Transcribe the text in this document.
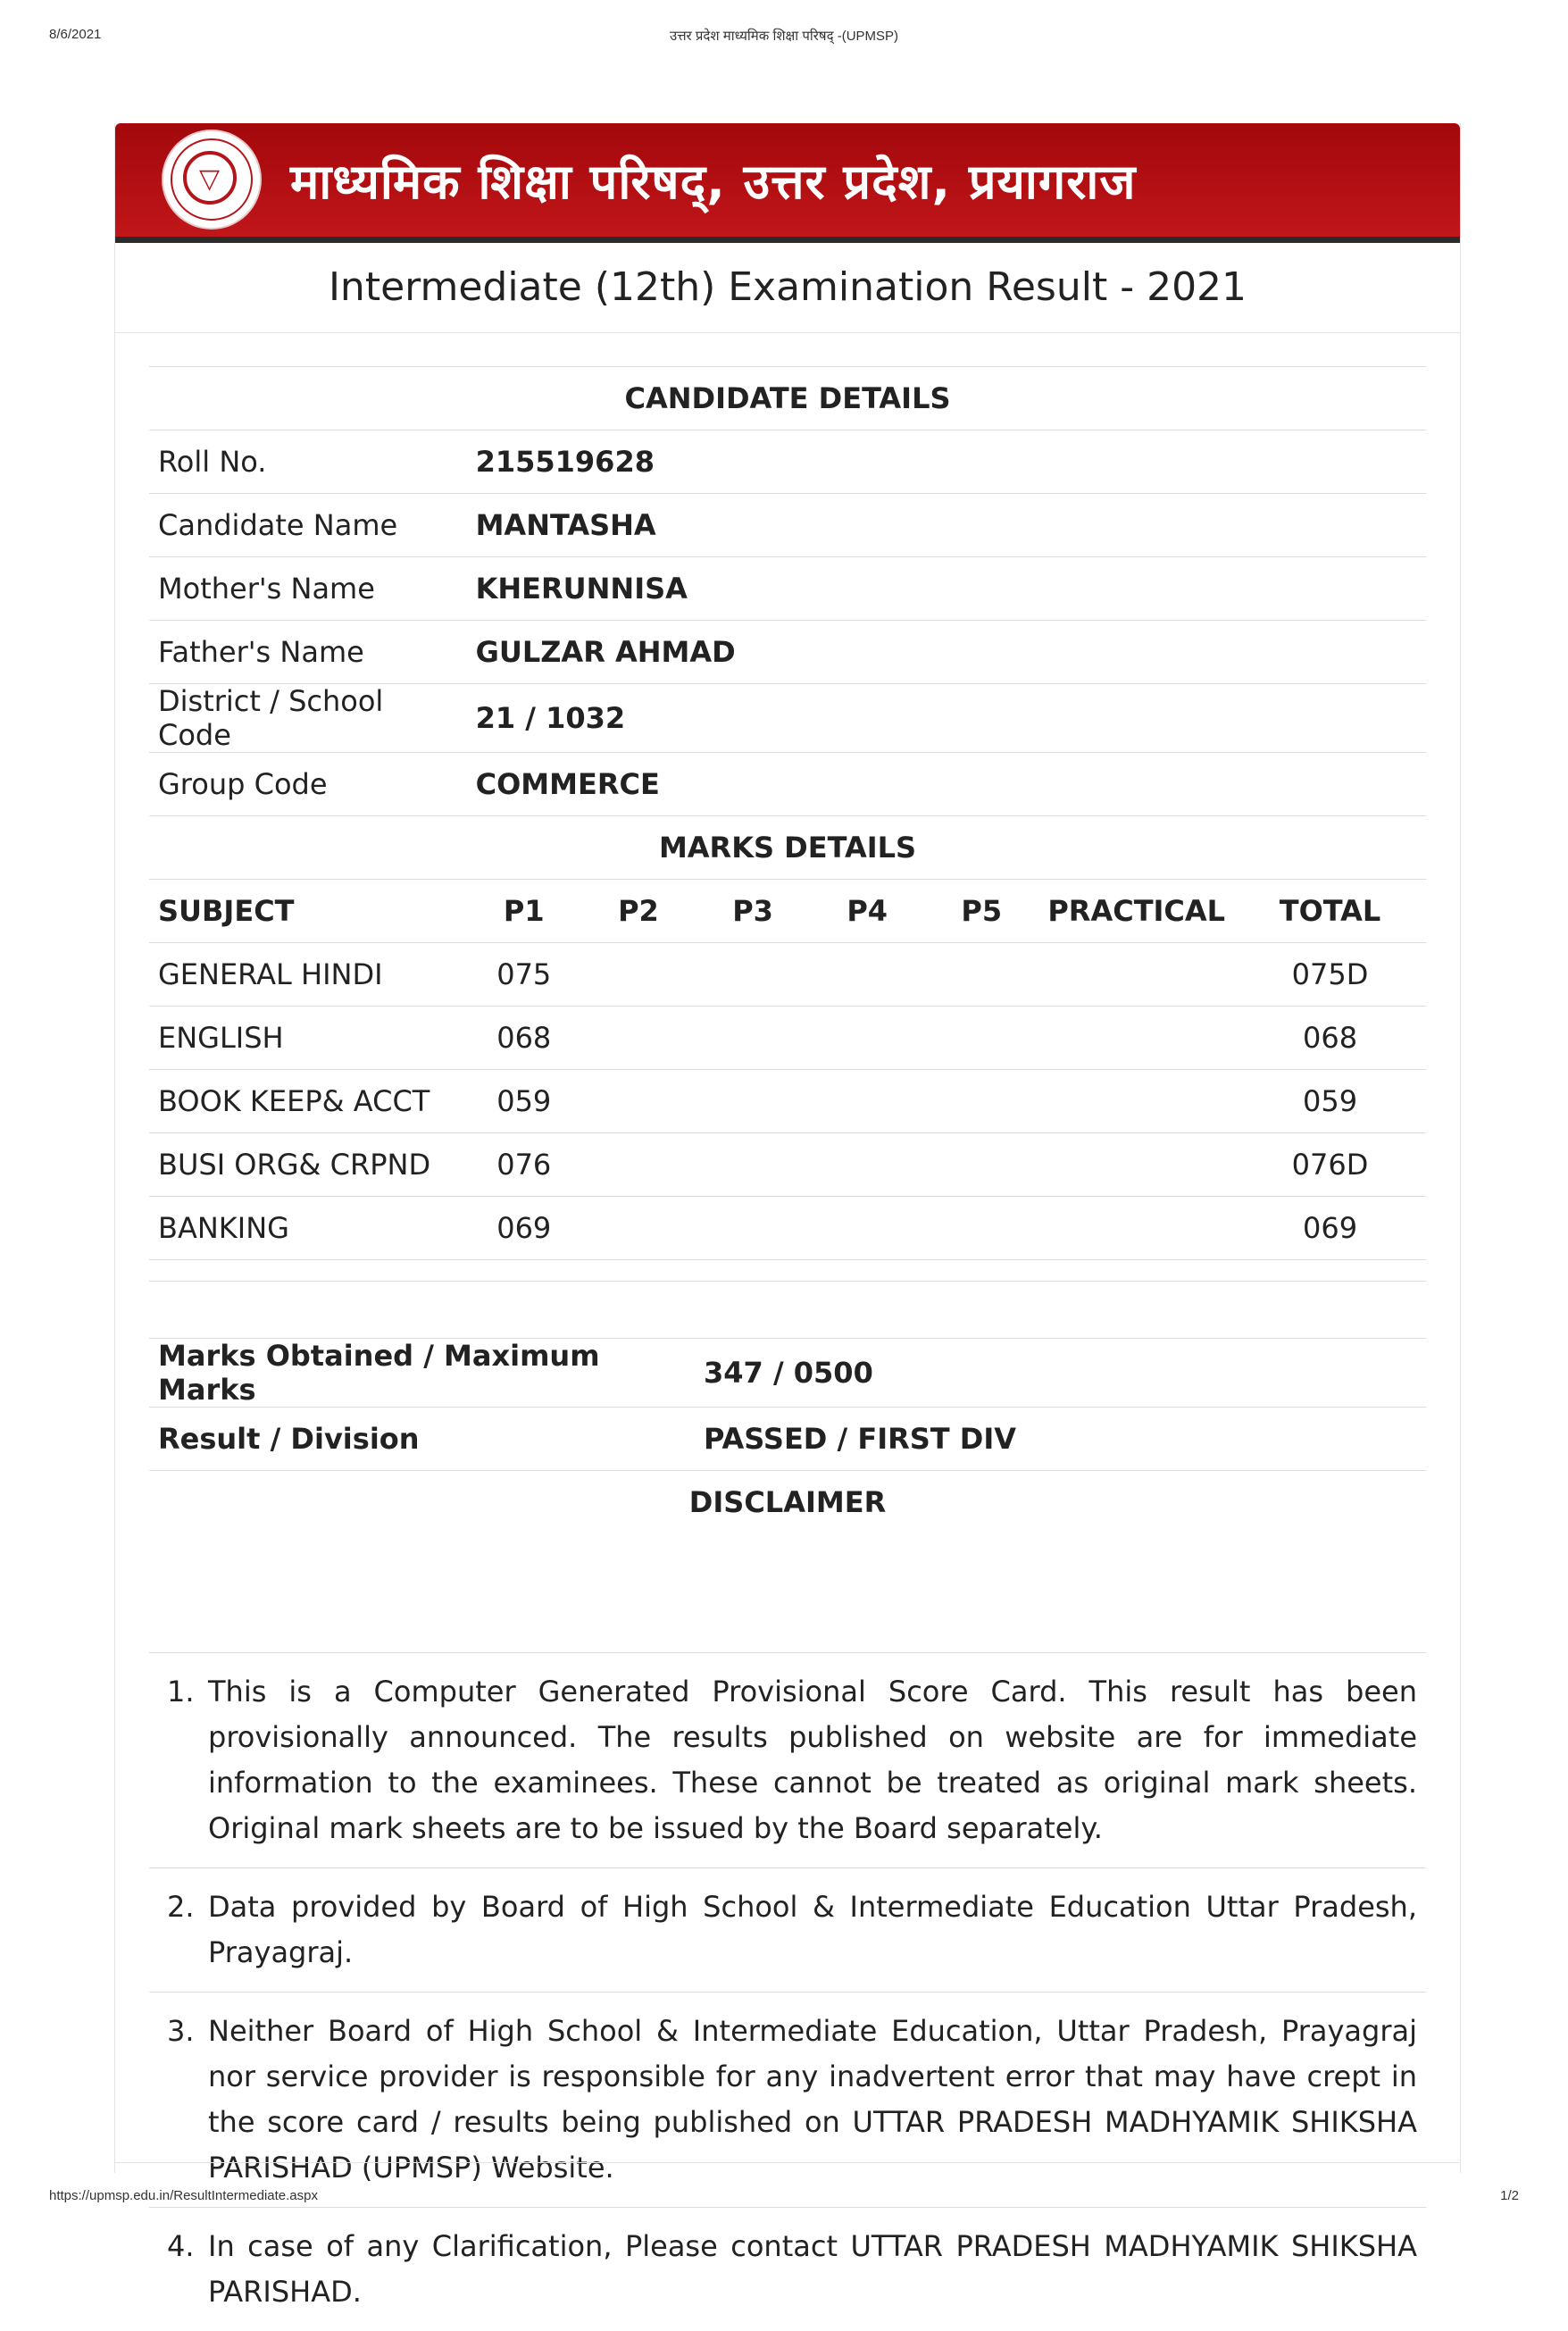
8/6/2021	उत्तर प्रदेश माध्यमिक शिक्षा परिषद् -(UPMSP)
▽ माध्यमिक शिक्षा परिषद्, उत्तर प्रदेश, प्रयागराज
Intermediate (12th) Examination Result - 2021
CANDIDATE DETAILS							
Roll No.	215519628						
Candidate Name	MANTASHA						
Mother's Name	KHERUNNISA						
Father's Name	GULZAR AHMAD						
District / School Code	21 / 1032						
Group Code	COMMERCE						
MARKS DETAILS							
SUBJECT	P1	P2	P3	P4	P5	PRACTICAL	TOTAL
GENERAL HINDI	075						075D
ENGLISH	068						068
BOOK KEEP& ACCT	059						059
BUSI ORG& CRPND	076						076D
BANKING	069						069
Marks Obtained / Maximum Marks	347 / 0500
Result / Division	PASSED / FIRST DIV
DISCLAIMER	
1. This is a Computer Generated Provisional Score Card. This result has been provisionally announced. The results published on website are for immediate information to the examinees. These cannot be treated as original mark sheets. Original mark sheets are to be issued by the Board separately.
2. Data provided by Board of High School & Intermediate Education Uttar Pradesh, Prayagraj.
3. Neither Board of High School & Intermediate Education, Uttar Pradesh, Prayagraj nor service provider is responsible for any inadvertent error that may have crept in the score card / results being published on UTTAR PRADESH MADHYAMIK SHIKSHA PARISHAD (UPMSP) Website.
4. In case of any Clarification, Please contact UTTAR PRADESH MADHYAMIK SHIKSHA PARISHAD.
https://upmsp.edu.in/ResultIntermediate.aspx	1/2
